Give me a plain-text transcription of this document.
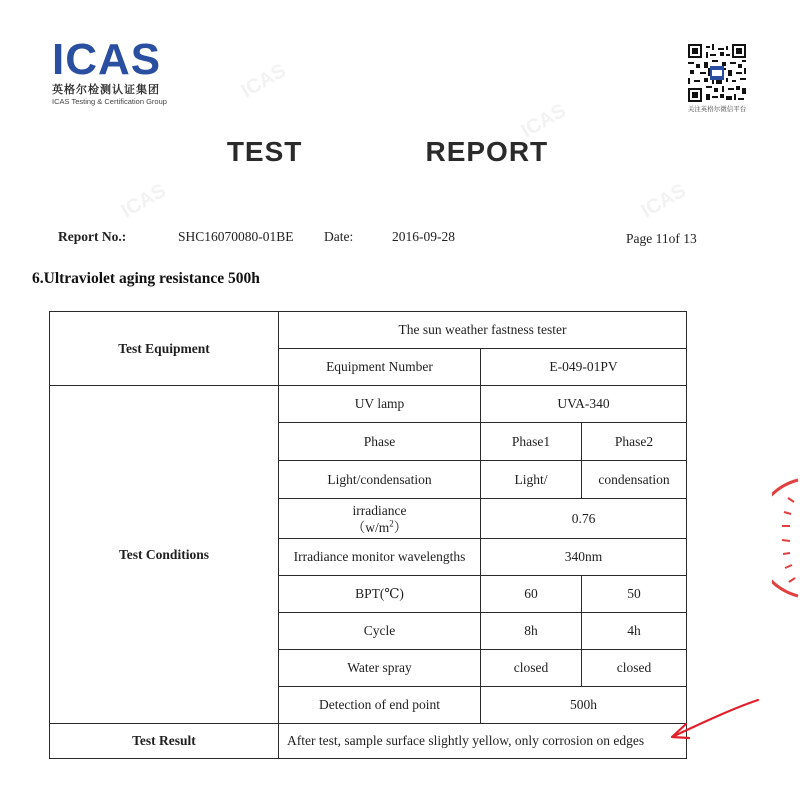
ICAS
ICAS
ICAS	ICAS
ICAS
英格尔检测认证集团
ICAS Testing & Certification Group
关注英格尔微信平台
TEST    REPORT
Report No.:	SHC16070080-01BE Date:	2016-09-28	Page 11of 13
6.Ultraviolet aging resistance 500h
Test Equipment	The sun weather fastness tester		
	Equipment Number	E-049-01PV	
Test Conditions	UV lamp	UVA-340	
	Phase	Phase1	Phase2
	Light/condensation	Light/	condensation
	irradiance
$(w/m^2)$	0.76	
	Irradiance monitor wavelengths	340nm	
	BPT(℃)	60	50
	Cycle	8h	4h
	Water spray	closed	closed
	Detection of end point	500h	
Test Result	After test, sample surface slightly yellow, only corrosion on edges		
